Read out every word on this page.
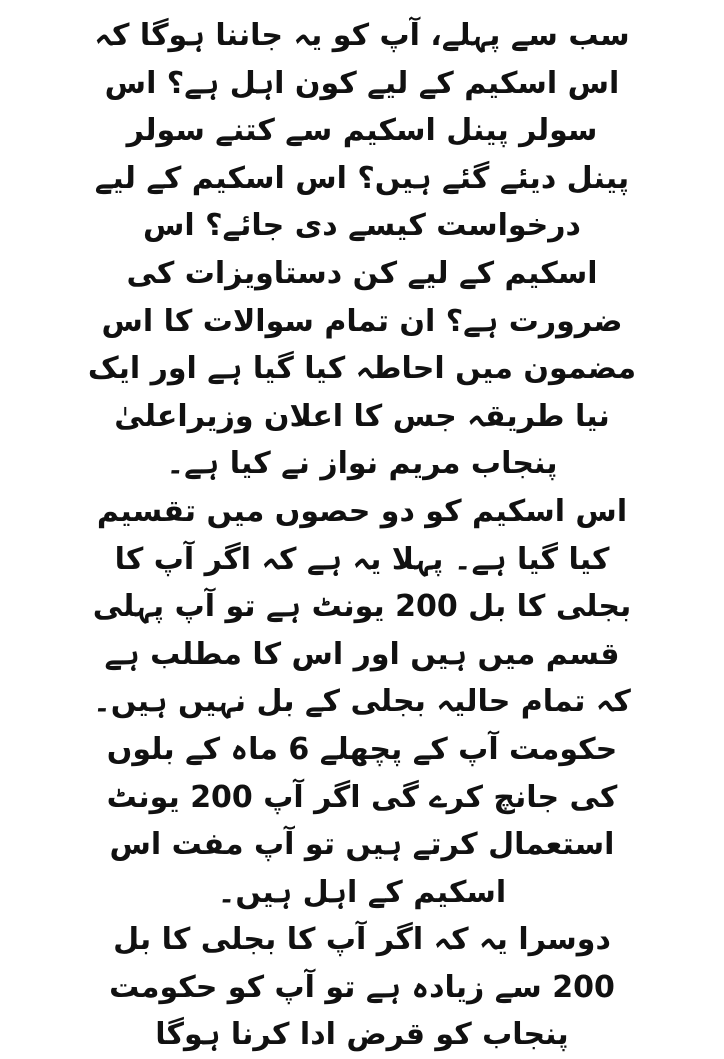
سب سے پہلے، آپ کو یہ جاننا ہوگا کہ
اس اسکیم کے لیے کون اہل ہے؟ اس
سولر پینل اسکیم سے کتنے سولر
پینل دیئے گئے ہیں؟ اس اسکیم کے لیے
درخواست کیسے دی جائے؟ اس
اسکیم کے لیے کن دستاویزات کی
ضرورت ہے؟ ان تمام سوالات کا اس
مضمون میں احاطہ کیا گیا ہے اور ایک
نیا طریقہ جس کا اعلان وزیراعلیٰ
پنجاب مریم نواز نے کیا ہے۔
اس اسکیم کو دو حصوں میں تقسیم
کیا گیا ہے۔ پہلا یہ ہے کہ اگر آپ کا
بجلی کا بل 200 یونٹ ہے تو آپ پہلی
قسم میں ہیں اور اس کا مطلب ہے
کہ تمام حالیہ بجلی کے بل نہیں ہیں۔
حکومت آپ کے پچھلے 6 ماہ کے بلوں
کی جانچ کرے گی اگر آپ 200 یونٹ
استعمال کرتے ہیں تو آپ مفت اس
اسکیم کے اہل ہیں۔
دوسرا یہ کہ اگر آپ کا بجلی کا بل
200 سے زیادہ ہے تو آپ کو حکومت
پنجاب کو قرض ادا کرنا ہوگا
